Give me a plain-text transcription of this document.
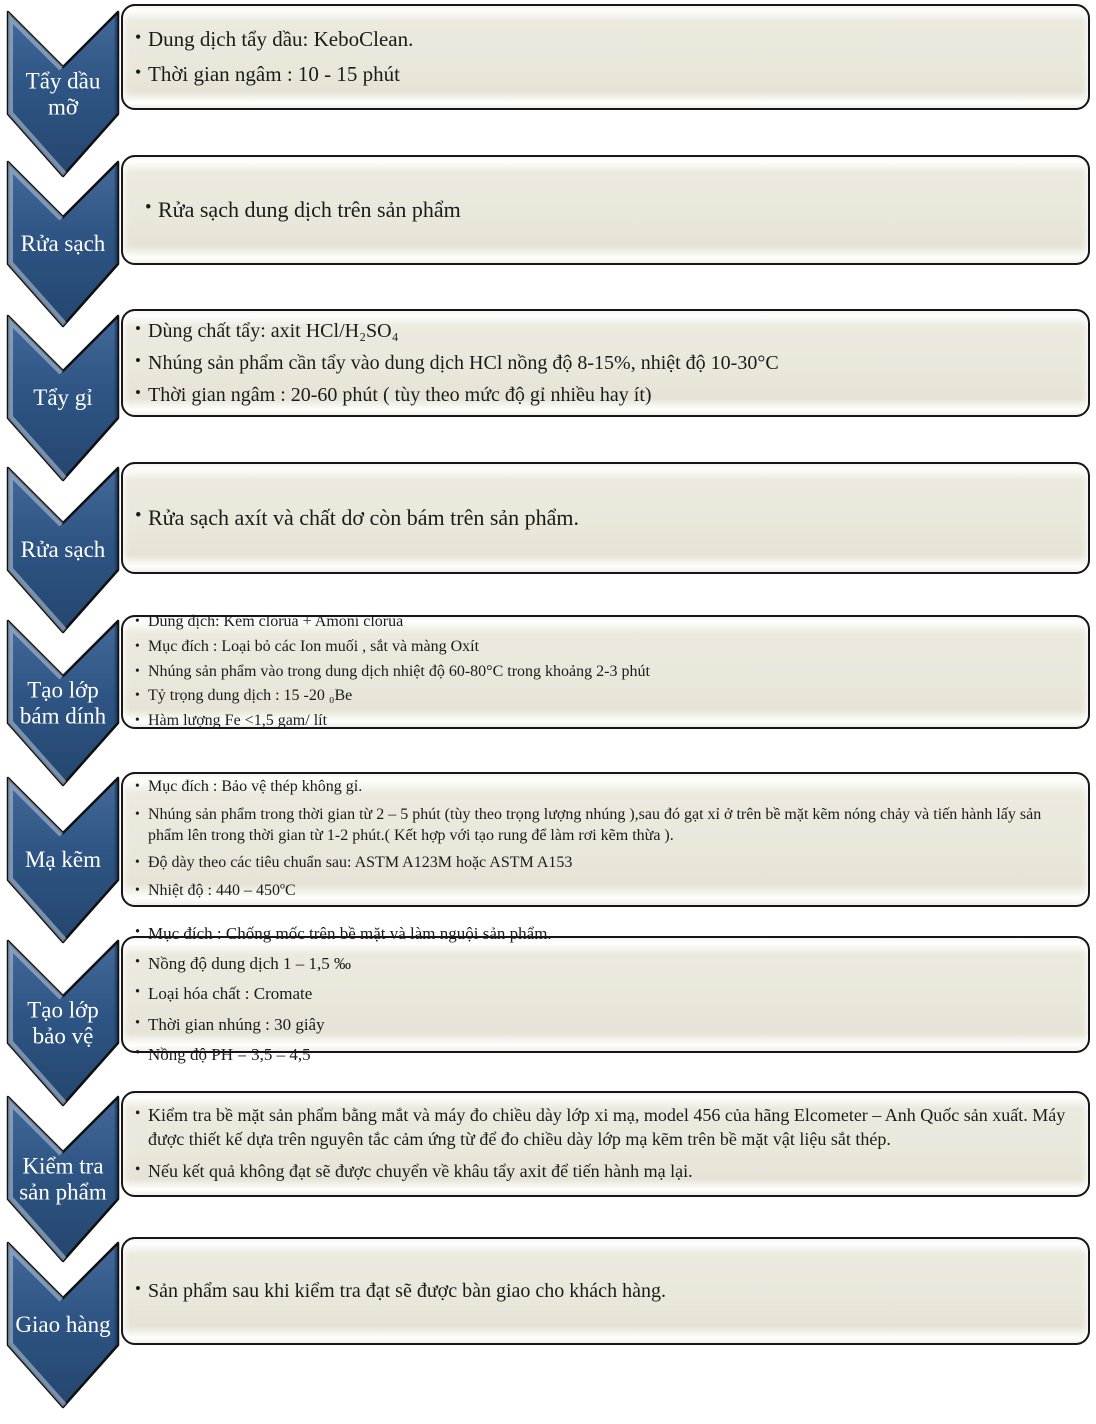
Tẩy dầu mỡ
• Dung dịch tẩy dầu: KeboClean.
• Thời gian ngâm : 10 - 15 phút
Rửa sạch
• Rửa sạch dung dịch trên sản phẩm
Tẩy gỉ
• Dùng chất tẩy: axit HCl/H₂SO₄
• Nhúng sản phẩm cần tẩy vào dung dịch HCl nồng độ 8-15%, nhiệt độ 10-30°C
• Thời gian ngâm : 20-60 phút ( tùy theo mức độ gỉ nhiều hay ít)
Rửa sạch
• Rửa sạch axít và chất dơ còn bám trên sản phẩm.
Tạo lớp bám dính
• Dung dịch: Kẽm clorua + Amoni clorua
• Mục đích : Loại bỏ các Ion muối , sắt và màng Oxít
• Nhúng sản phẩm vào trong dung dịch nhiệt độ 60-80°C trong khoảng 2-3 phút
• Tỷ trọng dung dịch : 15 -20 ₀Be
• Hàm lượng Fe <1,5 gam/ lít
Mạ kẽm
• Mục đích : Bảo vệ thép không gỉ.
• Nhúng sản phẩm trong thời gian từ 2 – 5 phút (tùy theo trọng lượng nhúng ),sau đó gạt xỉ ở trên bề mặt kẽm nóng chảy và tiến hành lấy sản phẩm lên trong thời gian từ 1-2 phút.( Kết hợp với tạo rung để làm rơi kẽm thừa ).
• Độ dày theo các tiêu chuẩn sau: ASTM A123M hoặc ASTM A153
• Nhiệt độ : 440 – 450ºC
Tạo lớp bảo vệ
• Mục đích : Chống mốc trên bề mặt và làm nguội sản phẩm.
• Nồng độ dung dịch 1 – 1,5 ‰
• Loại hóa chất : Cromate
• Thời gian nhúng : 30 giây
• Nồng độ PH = 3,5 – 4,5
Kiểm tra sản phẩm
• Kiểm tra bề mặt sản phẩm bằng mắt và máy đo chiều dày lớp xi mạ, model 456 của hãng Elcometer – Anh Quốc sản xuất. Máy được thiết kế dựa trên nguyên tắc cảm ứng từ để đo chiều dày lớp mạ kẽm trên bề mặt vật liệu sắt thép.
• Nếu kết quả không đạt sẽ được chuyển về khâu tẩy axit để tiến hành mạ lại.
Giao hàng
• Sản phẩm sau khi kiểm tra đạt sẽ được bàn giao cho khách hàng.
